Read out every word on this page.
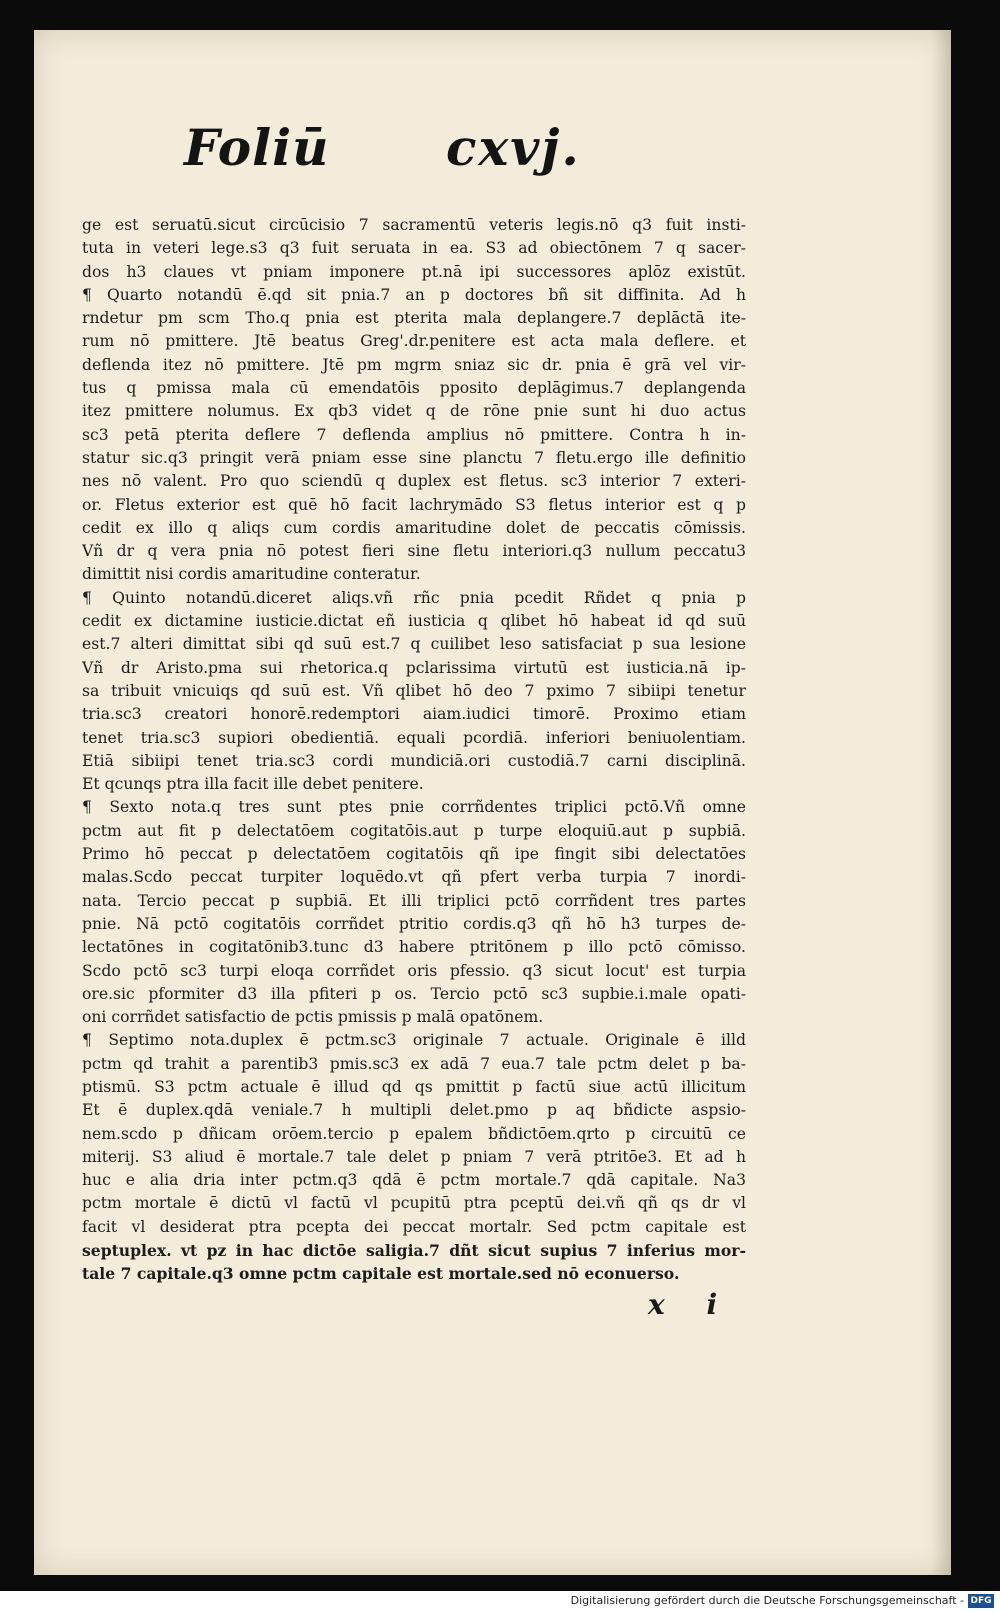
Foliū cxvj.
ge est seruatū.sicut circūcisio 7 sacramentū veteris legis.nō q3 fuit insti-
tuta in veteri lege.s3 q3 fuit seruata in ea. S3 ad obiectōnem 7 q sacer-
dos h3 claues vt pniam imponere pt.nā ipi successores aplōz existūt.
¶ Quarto notandū ē.qd sit pnia.7 an p doctores bñ sit diffinita. Ad h
rndetur pm scm Tho.q pnia est pterita mala deplangere.7 deplāctā ite-
rum nō pmittere. Jtē beatus Greg'.dr.penitere est acta mala deflere. et
deflenda itez nō pmittere. Jtē pm mgrm sniaz sic dr. pnia ē grā vel vir-
tus q pmissa mala cū emendatōis pposito deplāgimus.7 deplangenda
itez pmittere nolumus. Ex qb3 videt q de rōne pnie sunt hi duo actus
sc3 petā pterita deflere 7 deflenda amplius nō pmittere. Contra h in-
statur sic.q3 pringit verā pniam esse sine planctu 7 fletu.ergo ille definitio
nes nō valent. Pro quo sciendū q duplex est fletus. sc3 interior 7 exteri-
or. Fletus exterior est quē hō facit lachrymādo S3 fletus interior est q p
cedit ex illo q aliqs cum cordis amaritudine dolet de peccatis cōmissis.
Vñ dr q vera pnia nō potest fieri sine fletu interiori.q3 nullum peccatu3
dimittit nisi cordis amaritudine conteratur.
¶ Quinto notandū.diceret aliqs.vñ rñc pnia pcedit Rñdet q pnia p
cedit ex dictamine iusticie.dictat eñ iusticia q qlibet hō habeat id qd suū
est.7 alteri dimittat sibi qd suū est.7 q cuilibet leso satisfaciat p sua lesione
Vñ dr Aristo.pma sui rhetorica.q pclarissima virtutū est iusticia.nā ip-
sa tribuit vnicuiqs qd suū est. Vñ qlibet hō deo 7 pximo 7 sibiipi tenetur
tria.sc3 creatori honorē.redemptori aiam.iudici timorē. Proximo etiam
tenet tria.sc3 supiori obedientiā. equali pcordiā. inferiori beniuolentiam.
Etiā sibiipi tenet tria.sc3 cordi mundiciā.ori custodiā.7 carni disciplinā.
Et qcunqs ptra illa facit ille debet penitere.
¶ Sexto nota.q tres sunt ptes pnie corrñdentes triplici pctō.Vñ omne
pctm aut fit p delectatōem cogitatōis.aut p turpe eloquiū.aut p supbiā.
Primo hō peccat p delectatōem cogitatōis qñ ipe fingit sibi delectatōes
malas.Scdo peccat turpiter loquēdo.vt qñ pfert verba turpia 7 inordi-
nata. Tercio peccat p supbiā. Et illi triplici pctō corrñdent tres partes
pnie. Nā pctō cogitatōis corrñdet ptritio cordis.q3 qñ hō h3 turpes de-
lectatōnes in cogitatōnib3.tunc d3 habere ptritōnem p illo pctō cōmisso.
Scdo pctō sc3 turpi eloqa corrñdet oris pfessio. q3 sicut locut' est turpia
ore.sic pformiter d3 illa pfiteri p os. Tercio pctō sc3 supbie.i.male opati-
oni corrñdet satisfactio de pctis pmissis p malā opatōnem.
¶ Septimo nota.duplex ē pctm.sc3 originale 7 actuale. Originale ē illd
pctm qd trahit a parentib3 pmis.sc3 ex adā 7 eua.7 tale pctm delet p ba-
ptismū. S3 pctm actuale ē illud qd qs pmittit p factū siue actū illicitum
Et ē duplex.qdā veniale.7 h multipli delet.pmo p aq bñdicte aspsio-
nem.scdo p dñicam orōem.tercio p epalem bñdictōem.qrto p circuitū ce
miterij. S3 aliud ē mortale.7 tale delet p pniam 7 verā ptritōe3. Et ad h
huc e alia dria inter pctm.q3 qdā ē pctm mortale.7 qdā capitale. Na3
pctm mortale ē dictū vl factū vl pcupitū ptra pceptū dei.vñ qñ qs dr vl
facit vl desiderat ptra pcepta dei peccat mortalr. Sed pctm capitale est
septuplex. vt pz in hac dictōe saligia.7 dñt sicut supius 7 inferius mor-
tale 7 capitale.q3 omne pctm capitale est mortale.sed nō econuerso.
x i
Digitalisierung gefördert durch die Deutsche Forschungsgemeinschaft - DFG
